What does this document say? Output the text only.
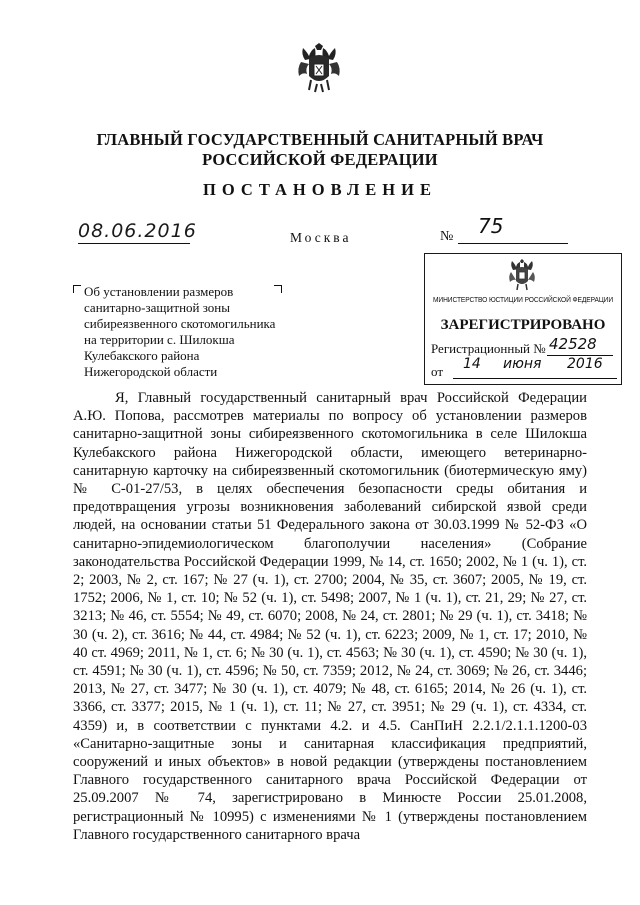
ГЛАВНЫЙ ГОСУДАРСТВЕННЫЙ САНИТАРНЫЙ ВРАЧ
РОССИЙСКОЙ ФЕДЕРАЦИИ
ПОСТАНОВЛЕНИЕ
08.06.2016	Москва	№ 75
МИНИСТЕРСТВО ЮСТИЦИИ РОССИЙСКОЙ ФЕДЕРАЦИИ
ЗАРЕГИСТРИРОВАНО
Регистрационный № 42528
от 14 июня 2016
Об установлении размеров
санитарно-защитной зоны
сибиреязвенного скотомогильника
на территории с. Шилокша
Кулебакского района
Нижегородской области

Я, Главный государственный санитарный врач Российской Федерации А.Ю. Попова, рассмотрев материалы по вопросу об установлении размеров санитарно-защитной зоны сибиреязвенного скотомогильника в селе Шилокша Кулебакского района Нижегородской области, имеющего ветеринарно-санитарную карточку на сибиреязвенный скотомогильник (биотермическую яму) № С-01-27/53, в целях обеспечения безопасности среды обитания и предотвращения угрозы возникновения заболеваний сибирской язвой среди людей, на основании статьи 51 Федерального закона от 30.03.1999 № 52-ФЗ «О санитарно-эпидемиологическом благополучии населения» (Собрание законодательства Российской Федерации 1999, № 14, ст. 1650; 2002, № 1 (ч. 1), ст. 2; 2003, № 2, ст. 167; № 27 (ч. 1), ст. 2700; 2004, № 35, ст. 3607; 2005, № 19, ст. 1752; 2006, № 1, ст. 10; № 52 (ч. 1), ст. 5498; 2007, № 1 (ч. 1), ст. 21, 29; № 27, ст. 3213; № 46, ст. 5554; № 49, ст. 6070; 2008, № 24, ст. 2801; № 29 (ч. 1), ст. 3418; № 30 (ч. 2), ст. 3616; № 44, ст. 4984; № 52 (ч. 1), ст. 6223; 2009, № 1, ст. 17; 2010, № 40 ст. 4969; 2011, № 1, ст. 6; № 30 (ч. 1), ст. 4563; № 30 (ч. 1), ст. 4590; № 30 (ч. 1), ст. 4591; № 30 (ч. 1), ст. 4596; № 50, ст. 7359; 2012, № 24, ст. 3069; № 26, ст. 3446; 2013, № 27, ст. 3477; № 30 (ч. 1), ст. 4079; № 48, ст. 6165; 2014, № 26 (ч. 1), ст. 3366, ст. 3377; 2015, № 1 (ч. 1), ст. 11; № 27, ст. 3951; № 29 (ч. 1), ст. 4334, ст. 4359) и, в соответствии с пунктами 4.2. и 4.5. СанПиН 2.2.1/2.1.1.1200-03 «Санитарно-защитные зоны и санитарная классификация предприятий, сооружений и иных объектов» в новой редакции (утверждены постановлением Главного государственного санитарного врача Российской Федерации от 25.09.2007 № 74, зарегистрировано в Минюсте России 25.01.2008, регистрационный № 10995) с изменениями № 1 (утверждены постановлением Главного государственного санитарного врача
